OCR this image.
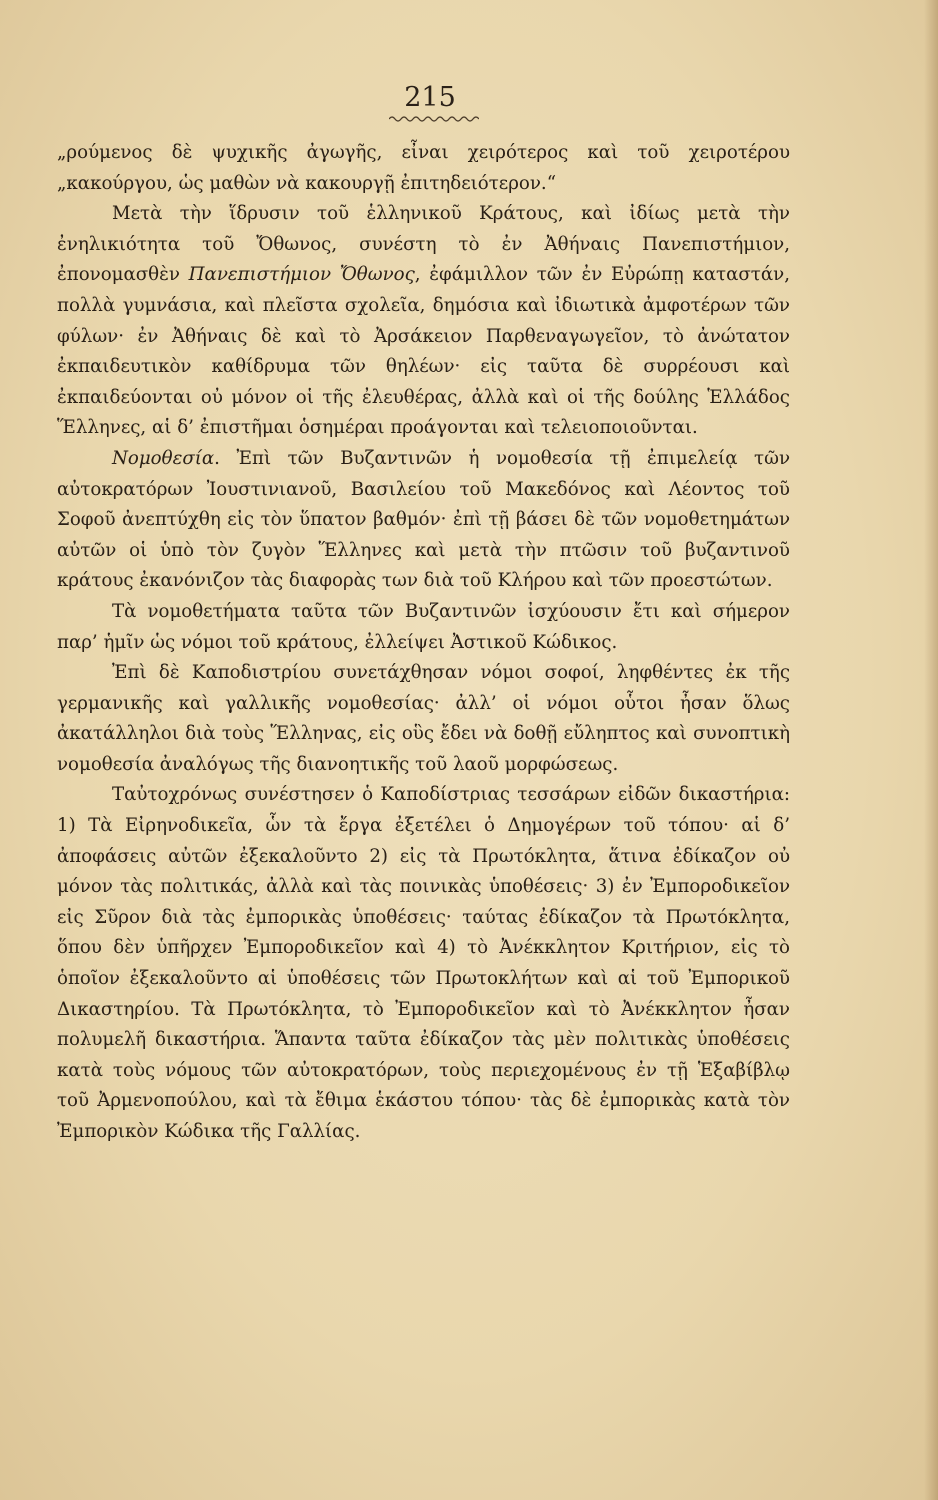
215

„ρούμενος δὲ ψυχικῆς ἀγωγῆς, εἶναι χειρότερος καὶ τοῦ χειροτέρου „κακούργου, ὡς μαθὼν νὰ κακουργῇ ἐπιτηδειότερον.“

Μετὰ τὴν ἵδρυσιν τοῦ ἑλληνικοῦ Κράτους, καὶ ἰδίως μετὰ τὴν ἐνηλικιότητα τοῦ Ὄθωνος, συνέστη τὸ ἐν Ἀθήναις Πανεπιστήμιον, ἐπονομασθὲν Πανεπιστήμιον Ὄθωνος, ἐφάμιλλον τῶν ἐν Εὐρώπῃ καταστάν, πολλὰ γυμνάσια, καὶ πλεῖστα σχολεῖα, δημόσια καὶ ἰδιωτικὰ ἀμφοτέρων τῶν φύλων· ἐν Ἀθήναις δὲ καὶ τὸ Ἀρσάκειον Παρθεναγωγεῖον, τὸ ἀνώτατον ἐκπαιδευτικὸν καθίδρυμα τῶν θηλέων· εἰς ταῦτα δὲ συρρέουσι καὶ ἐκπαιδεύονται οὐ μόνον οἱ τῆς ἐλευθέρας, ἀλλὰ καὶ οἱ τῆς δούλης Ἑλλάδος Ἕλληνες, αἱ δ’ ἐπιστῆμαι ὁσημέραι προάγονται καὶ τελειοποιοῦνται.

Νομοθεσία. Ἐπὶ τῶν Βυζαντινῶν ἡ νομοθεσία τῇ ἐπιμελείᾳ τῶν αὐτοκρατόρων Ἰουστινιανοῦ, Βασιλείου τοῦ Μακεδόνος καὶ Λέοντος τοῦ Σοφοῦ ἀνεπτύχθη εἰς τὸν ὕπατον βαθμόν· ἐπὶ τῇ βάσει δὲ τῶν νομοθετημάτων αὐτῶν οἱ ὑπὸ τὸν ζυγὸν Ἕλληνες καὶ μετὰ τὴν πτῶσιν τοῦ βυζαντινοῦ κράτους ἐκανόνιζον τὰς διαφορὰς των διὰ τοῦ Κλήρου καὶ τῶν προεστώτων.

Τὰ νομοθετήματα ταῦτα τῶν Βυζαντινῶν ἰσχύουσιν ἔτι καὶ σήμερον παρ’ ἡμῖν ὡς νόμοι τοῦ κράτους, ἐλλείψει Ἀστικοῦ Κώδικος.

Ἐπὶ δὲ Καποδιστρίου συνετάχθησαν νόμοι σοφοί, ληφθέντες ἐκ τῆς γερμανικῆς καὶ γαλλικῆς νομοθεσίας· ἀλλ’ οἱ νόμοι οὗτοι ἦσαν ὅλως ἀκατάλληλοι διὰ τοὺς Ἕλληνας, εἰς οὓς ἔδει νὰ δοθῇ εὔληπτος καὶ συνοπτικὴ νομοθεσία ἀναλόγως τῆς διανοητικῆς τοῦ λαοῦ μορφώσεως.

Ταὐτοχρόνως συνέστησεν ὁ Καποδίστριας τεσσάρων εἰδῶν δικαστήρια: 1) Τὰ Εἰρηνοδικεῖα, ὧν τὰ ἔργα ἐξετέλει ὁ Δημογέρων τοῦ τόπου· αἱ δ’ ἀποφάσεις αὐτῶν ἐξεκαλοῦντο 2) εἰς τὰ Πρωτόκλητα, ἅτινα ἐδίκαζον οὐ μόνον τὰς πολιτικάς, ἀλλὰ καὶ τὰς ποινικὰς ὑποθέσεις· 3) ἐν Ἐμποροδικεῖον εἰς Σῦρον διὰ τὰς ἐμπορικὰς ὑποθέσεις· ταύτας ἐδίκαζον τὰ Πρωτόκλητα, ὅπου δὲν ὑπῆρχεν Ἐμποροδικεῖον καὶ 4) τὸ Ἀνέκκλητον Κριτήριον, εἰς τὸ ὁποῖον ἐξεκαλοῦντο αἱ ὑποθέσεις τῶν Πρωτοκλήτων καὶ αἱ τοῦ Ἐμπορικοῦ Δικαστηρίου. Τὰ Πρωτόκλητα, τὸ Ἐμποροδικεῖον καὶ τὸ Ἀνέκκλητον ἦσαν πολυμελῆ δικαστήρια. Ἅπαντα ταῦτα ἐδίκαζον τὰς μὲν πολιτικὰς ὑποθέσεις κατὰ τοὺς νόμους τῶν αὐτοκρατόρων, τοὺς περιεχομένους ἐν τῇ Ἑξαβίβλῳ τοῦ Ἀρμενοπούλου, καὶ τὰ ἔθιμα ἑκάστου τόπου· τὰς δὲ ἐμπορικὰς κατὰ τὸν Ἐμπορικὸν Κώδικα τῆς Γαλλίας.
